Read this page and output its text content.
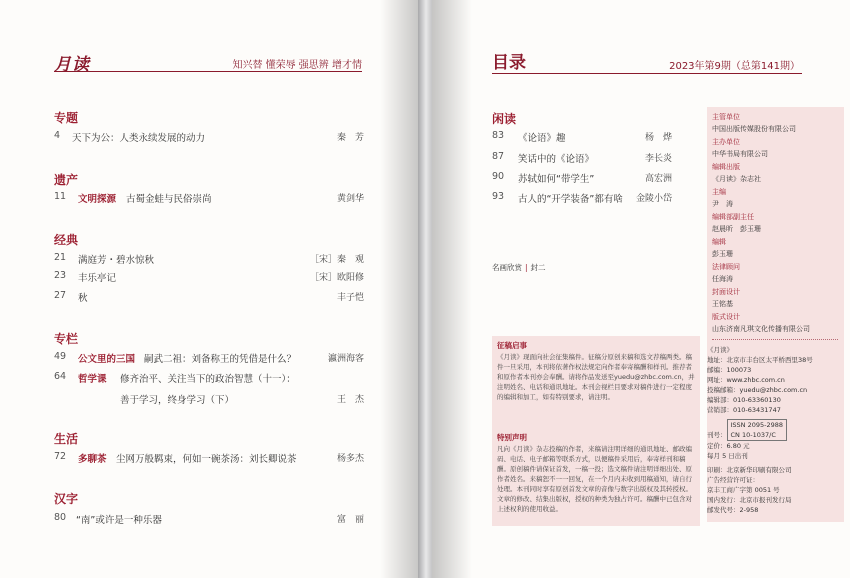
月读	知兴替 懂荣辱 强思辨 增才情
专题
4 天下为公：人类永续发展的动力	秦　芳
遗产
11 文明探源 古蜀金蛙与民俗崇尚	黄剑华
经典
21 满庭芳・碧水惊秋	［宋］秦　观
23 丰乐亭记	［宋］欧阳修
27 秋	丰子恺
专栏
49 公文里的三国 嗣武二祖：刘备称王的凭借是什么？	瀛洲海客
64 哲学课 修齐治平、关注当下的政治智慧（十一）：
善于学习，终身学习（下）	王　杰
生活
72 多聊茶 尘网万般羁束，何如一碗茶汤：刘长卿说茶	杨多杰
汉字
80 “南”或许是一种乐器	富　丽
目录	2023年第9期（总第141期）
闲读
83 《论语》趣	杨　烨
87 笑话中的《论语》	李长炎
90 苏轼如何“带学生”	高宏洲
93 古人的“开学装备”都有啥 金陵小岱
名画欣赏 | 封二
主管单位
中国出版传媒股份有限公司
主办单位
中华书局有限公司
编辑出版
《月读》杂志社
主编
尹　涛
编辑部副主任
赵晨昕　彭玉珊
编辑
彭玉珊
法律顾问
任海涛
封面设计
王铭基
版式设计
山东济南凡琪文化传播有限公司
《月读》
地址：北京市丰台区太平桥西里38号
邮编：100073
网址：www.zhbc.com.cn
投稿邮箱：yuedu@zhbc.com.cn
编辑部：010-63360130
营销部：010-63431747
刊号：ISSN 2095-2988
CN 10-1037/C
定价：6.80 元
每月 5 日出刊
印刷：北京新华印刷有限公司
广告经营许可证：
京丰工商广字第 0051 号
国内发行：北京市报刊发行局
邮发代号：2-958
征稿启事
《月读》现面向社会征集稿件。征稿分原创来稿和选文荐稿两类。稿件一旦采用，本刊将依著作权法规定向作者奉寄稿酬和样刊。推荐者和原作者本刊亦会奉酬。请将作品发送至yuedu@zhbc.com.cn，并注明姓名、电话和通讯地址。本刊会视栏目要求对稿件进行一定程度的编辑和加工，如有特别要求，请注明。
特别声明
凡向《月读》杂志投稿的作者，来稿请注明详细的通讯地址、邮政编码、电话、电子邮箱等联系方式，以便稿件采用后，奉寄样刊和稿酬。原创稿件请保证首发，一稿一投；选文稿件请注明详细出处、原作者姓名。来稿恕不一一回复，在一个月内未收到用稿通知，请自行处理。本刊同时享有原创首发文章的音像与数字出版权及其转授权。文章的修改、结集出版权，授权的种类为独占许可。稿酬中已包含对上述权利的使用收益。
